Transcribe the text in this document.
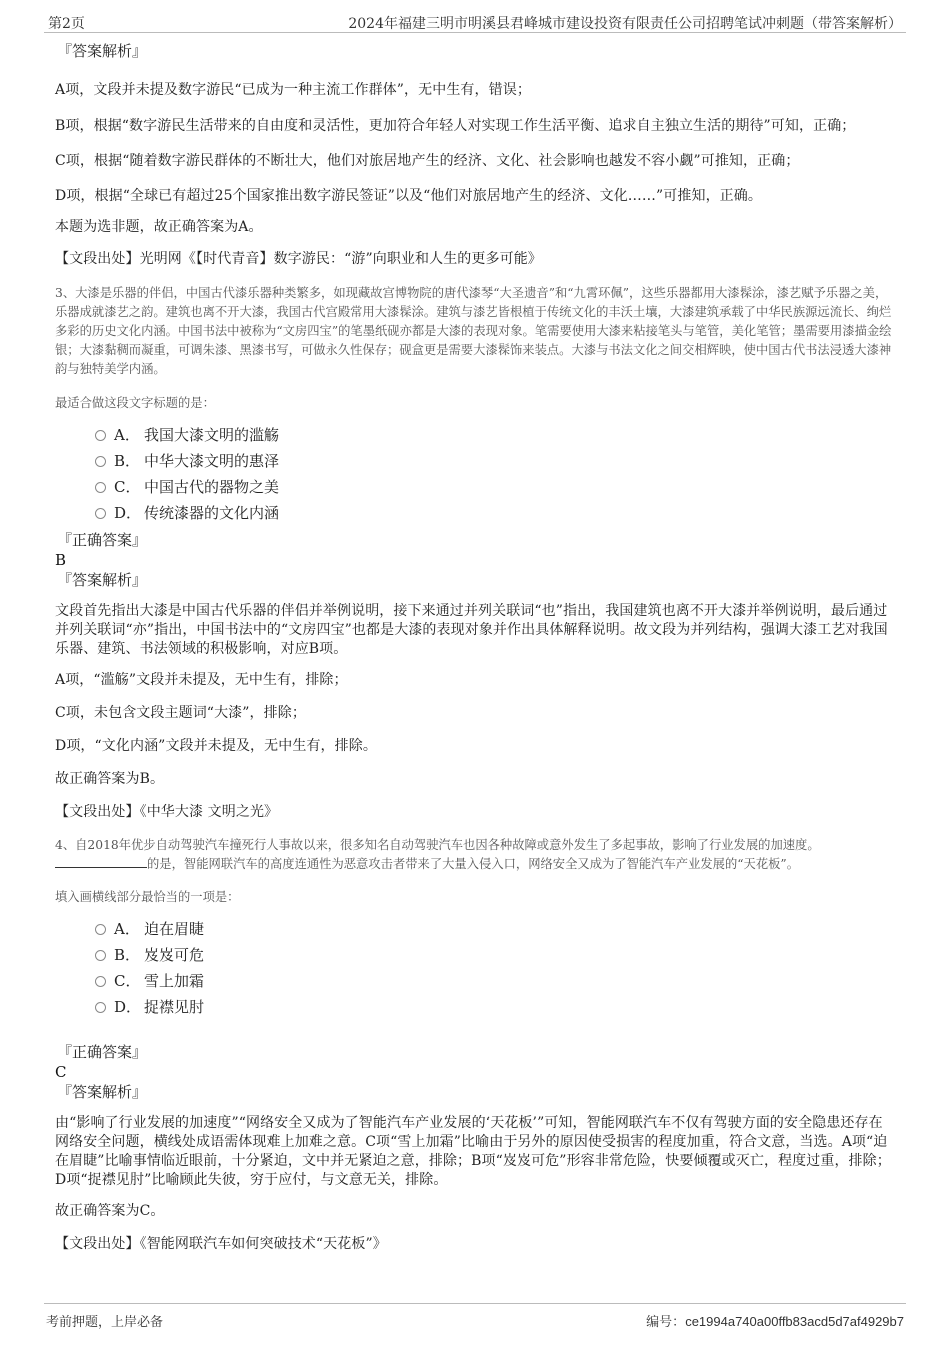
第2页	2024年福建三明市明溪县君峰城市建设投资有限责任公司招聘笔试冲刺题（带答案解析）
『答案解析』

A项，文段并未提及数字游民“已成为一种主流工作群体”，无中生有，错误；

B项，根据“数字游民生活带来的自由度和灵活性，更加符合年轻人对实现工作生活平衡、追求自主独立生活的期待”可知，正确；

C项，根据“随着数字游民群体的不断壮大，他们对旅居地产生的经济、文化、社会影响也越发不容小觑”可推知，正确；

D项，根据“全球已有超过25个国家推出数字游民签证”以及“他们对旅居地产生的经济、文化……”可推知，正确。

本题为选非题，故正确答案为A。

【文段出处】光明网《【时代青音】数字游民：“游”向职业和人生的更多可能》

3、大漆是乐器的伴侣，中国古代漆乐器种类繁多，如现藏故宫博物院的唐代漆琴“大圣遗音”和“九霄环佩”，这些乐器都用大漆髹涂，漆艺赋予乐器之美，乐器成就漆艺之韵。建筑也离不开大漆，我国古代宫殿常用大漆髹涂。建筑与漆艺皆根植于传统文化的丰沃土壤，大漆建筑承载了中华民族源远流长、绚烂多彩的历史文化内涵。中国书法中被称为“文房四宝”的笔墨纸砚亦都是大漆的表现对象。笔需要使用大漆来粘接笔头与笔管，美化笔管；墨需要用漆描金绘银；大漆黏稠而凝重，可调朱漆、黑漆书写，可做永久性保存；砚盒更是需要大漆髹饰来装点。大漆与书法文化之间交相辉映，使中国古代书法浸透大漆神韵与独特美学内涵。
最适合做这段文字标题的是：
A． 我国大漆文明的滥觞
B． 中华大漆文明的惠泽
C． 中国古代的器物之美
D． 传统漆器的文化内涵
『正确答案』
B
『答案解析』

文段首先指出大漆是中国古代乐器的伴侣并举例说明，接下来通过并列关联词“也”指出，我国建筑也离不开大漆并举例说明，最后通过并列关联词“亦”指出，中国书法中的“文房四宝”也都是大漆的表现对象并作出具体解释说明。故文段为并列结构，强调大漆工艺对我国乐器、建筑、书法领域的积极影响，对应B项。

A项，“滥觞”文段并未提及，无中生有，排除；

C项，未包含文段主题词“大漆”，排除；

D项，“文化内涵”文段并未提及，无中生有，排除。

故正确答案为B。

【文段出处】《中华大漆 文明之光》

4、自2018年优步自动驾驶汽车撞死行人事故以来，很多知名自动驾驶汽车也因各种故障或意外发生了多起事故，影响了行业发展的加速度。
的是，智能网联汽车的高度连通性为恶意攻击者带来了大量入侵入口，网络安全又成为了智能汽车产业发展的“天花板”。
填入画横线部分最恰当的一项是：
A． 迫在眉睫
B． 岌岌可危
C． 雪上加霜
D． 捉襟见肘
『正确答案』
C
『答案解析』

由“影响了行业发展的加速度”“网络安全又成为了智能汽车产业发展的‘天花板’”可知，智能网联汽车不仅有驾驶方面的安全隐患还存在网络安全问题，横线处成语需体现难上加难之意。C项“雪上加霜”比喻由于另外的原因使受损害的程度加重，符合文意，当选。A项“迫在眉睫”比喻事情临近眼前，十分紧迫，文中并无紧迫之意，排除；B项“岌岌可危”形容非常危险，快要倾覆或灭亡，程度过重，排除；D项“捉襟见肘”比喻顾此失彼，穷于应付，与文意无关，排除。

故正确答案为C。

【文段出处】《智能网联汽车如何突破技术“天花板”》

考前押题，上岸必备	编号：ce1994a740a00ffb83acd5d7af4929b7
